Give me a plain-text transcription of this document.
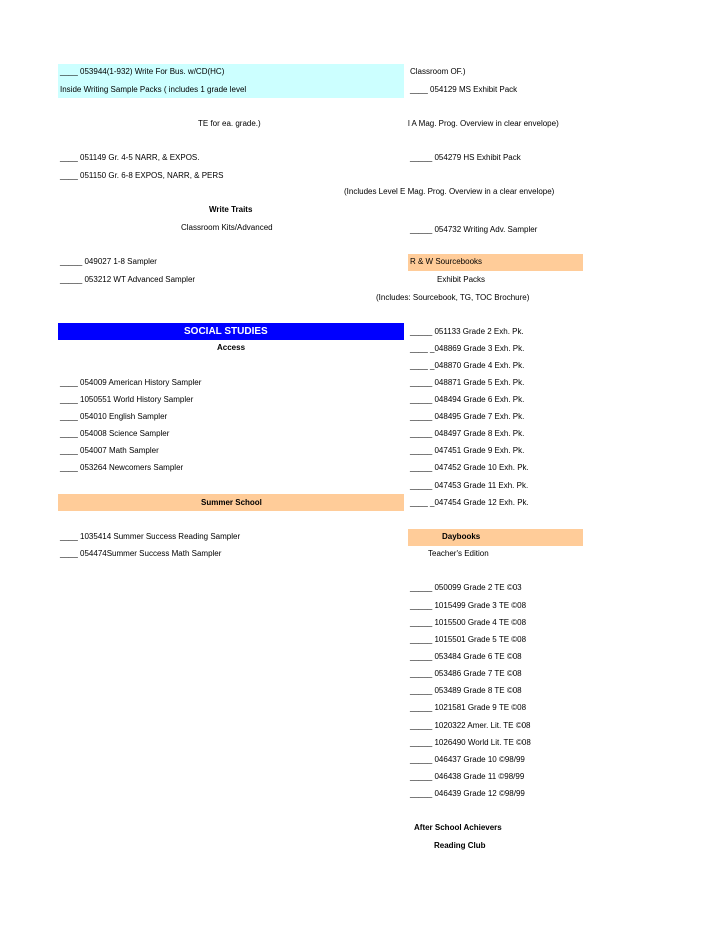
____ 053944(1-932) Write For Bus. w/CD(HC)
Inside Writing Sample Packs ( includes 1 grade level
TE for ea. grade.)
____ 051149 Gr. 4-5 NARR, & EXPOS.
____ 051150 Gr. 6-8 EXPOS, NARR, & PERS
Write Traits
Classroom Kits/Advanced
_____ 049027 1-8 Sampler
_____ 053212 WT Advanced Sampler
SOCIAL STUDIES
Access
____ 054009 American History Sampler
____ 1050551 World History Sampler
____ 054010 English Sampler
____ 054008 Science Sampler
____ 054007 Math Sampler
____ 053264 Newcomers Sampler
Summer School
____ 1035414 Summer Success Reading Sampler
____ 054474Summer Success Math Sampler
Classroom OF.)
____ 054129 MS Exhibit Pack
l A Mag. Prog. Overview in clear envelope)
_____ 054279 HS Exhibit Pack
(Includes Level E Mag. Prog. Overview in a clear envelope)
_____ 054732 Writing Adv. Sampler
R & W Sourcebooks
Exhibit Packs
(Includes: Sourcebook, TG, TOC Brochure)
_____ 051133 Grade 2 Exh. Pk.
____ _048869 Grade 3 Exh. Pk.
____ _048870 Grade 4 Exh. Pk.
_____ 048871 Grade 5 Exh. Pk.
_____ 048494 Grade 6 Exh. Pk.
_____ 048495 Grade 7 Exh. Pk.
_____ 048497 Grade 8 Exh. Pk.
_____ 047451 Grade 9 Exh. Pk.
_____ 047452 Grade 10 Exh. Pk.
_____ 047453 Grade 11 Exh. Pk.
____ _047454 Grade 12 Exh. Pk.
Daybooks
Teacher's Edition
_____ 050099 Grade 2 TE ©03
_____ 1015499 Grade 3 TE ©08
_____ 1015500 Grade 4 TE ©08
_____ 1015501 Grade 5 TE ©08
_____ 053484 Grade 6 TE ©08
_____ 053486 Grade 7 TE ©08
_____ 053489 Grade 8 TE ©08
_____ 1021581 Grade 9 TE ©08
_____ 1020322 Amer. Lit. TE ©08
_____ 1026490 World Lit. TE ©08
_____ 046437 Grade 10 ©98/99
_____ 046438 Grade 11 ©98/99
_____ 046439 Grade 12 ©98/99
After School Achievers
Reading Club
